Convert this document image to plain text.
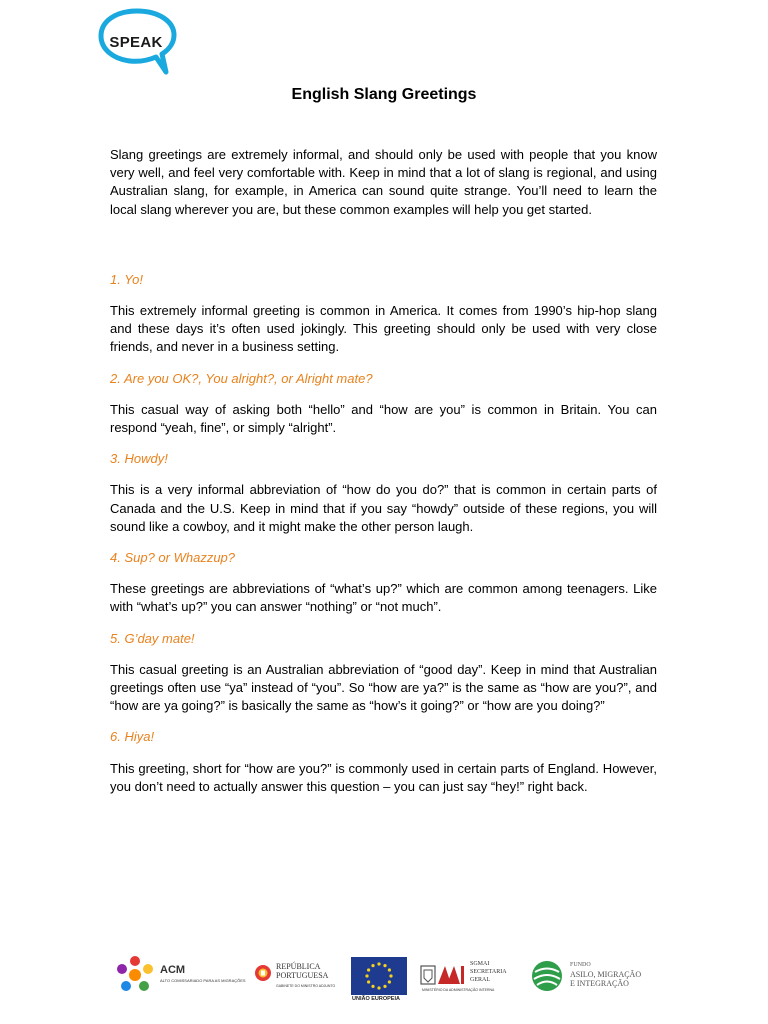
SPEAK
English Slang Greetings

Slang greetings are extremely informal, and should only be used with people that you know very well, and feel very comfortable with. Keep in mind that a lot of slang is regional, and using Australian slang, for example, in America can sound quite strange. You’ll need to learn the local slang wherever you are, but these common examples will help you get started.

1. Yo!

This extremely informal greeting is common in America. It comes from 1990’s hip-hop slang and these days it’s often used jokingly. This greeting should only be used with very close friends, and never in a business setting.

2. Are you OK?, You alright?, or Alright mate?

This casual way of asking both “hello” and “how are you” is common in Britain. You can respond “yeah, fine”, or simply “alright”.

3. Howdy!

This is a very informal abbreviation of “how do you do?” that is common in certain parts of Canada and the U.S. Keep in mind that if you say “howdy” outside of these regions, you will sound like a cowboy, and it might make the other person laugh.

4. Sup? or Whazzup?

These greetings are abbreviations of “what’s up?” which are common among teenagers. Like with “what’s up?” you can answer “nothing” or “not much”.

5. G’day mate!

This casual greeting is an Australian abbreviation of “good day”. Keep in mind that Australian greetings often use “ya” instead of “you”. So “how are ya?” is the same as “how are you?”, and “how are ya going?” is basically the same as “how’s it going?” or “how are you doing?”

6. Hiya!

This greeting, short for “how are you?” is commonly used in certain parts of England. However, you don’t need to actually answer this question – you can just say “hey!” right back.

ACM
ALTO COMISSARIADO PARA AS MIGRAÇÕES
REPÚBLICA
PORTUGUESA
GABINETE DO MINISTRO ADJUNTO
UNIÃO EUROPEIA
SGMAI
SECRETARIA
GERAL
MINISTÉRIO DA ADMINISTRAÇÃO INTERNA
FUNDO
ASILO, MIGRAÇÃO
E INTEGRAÇÃO
